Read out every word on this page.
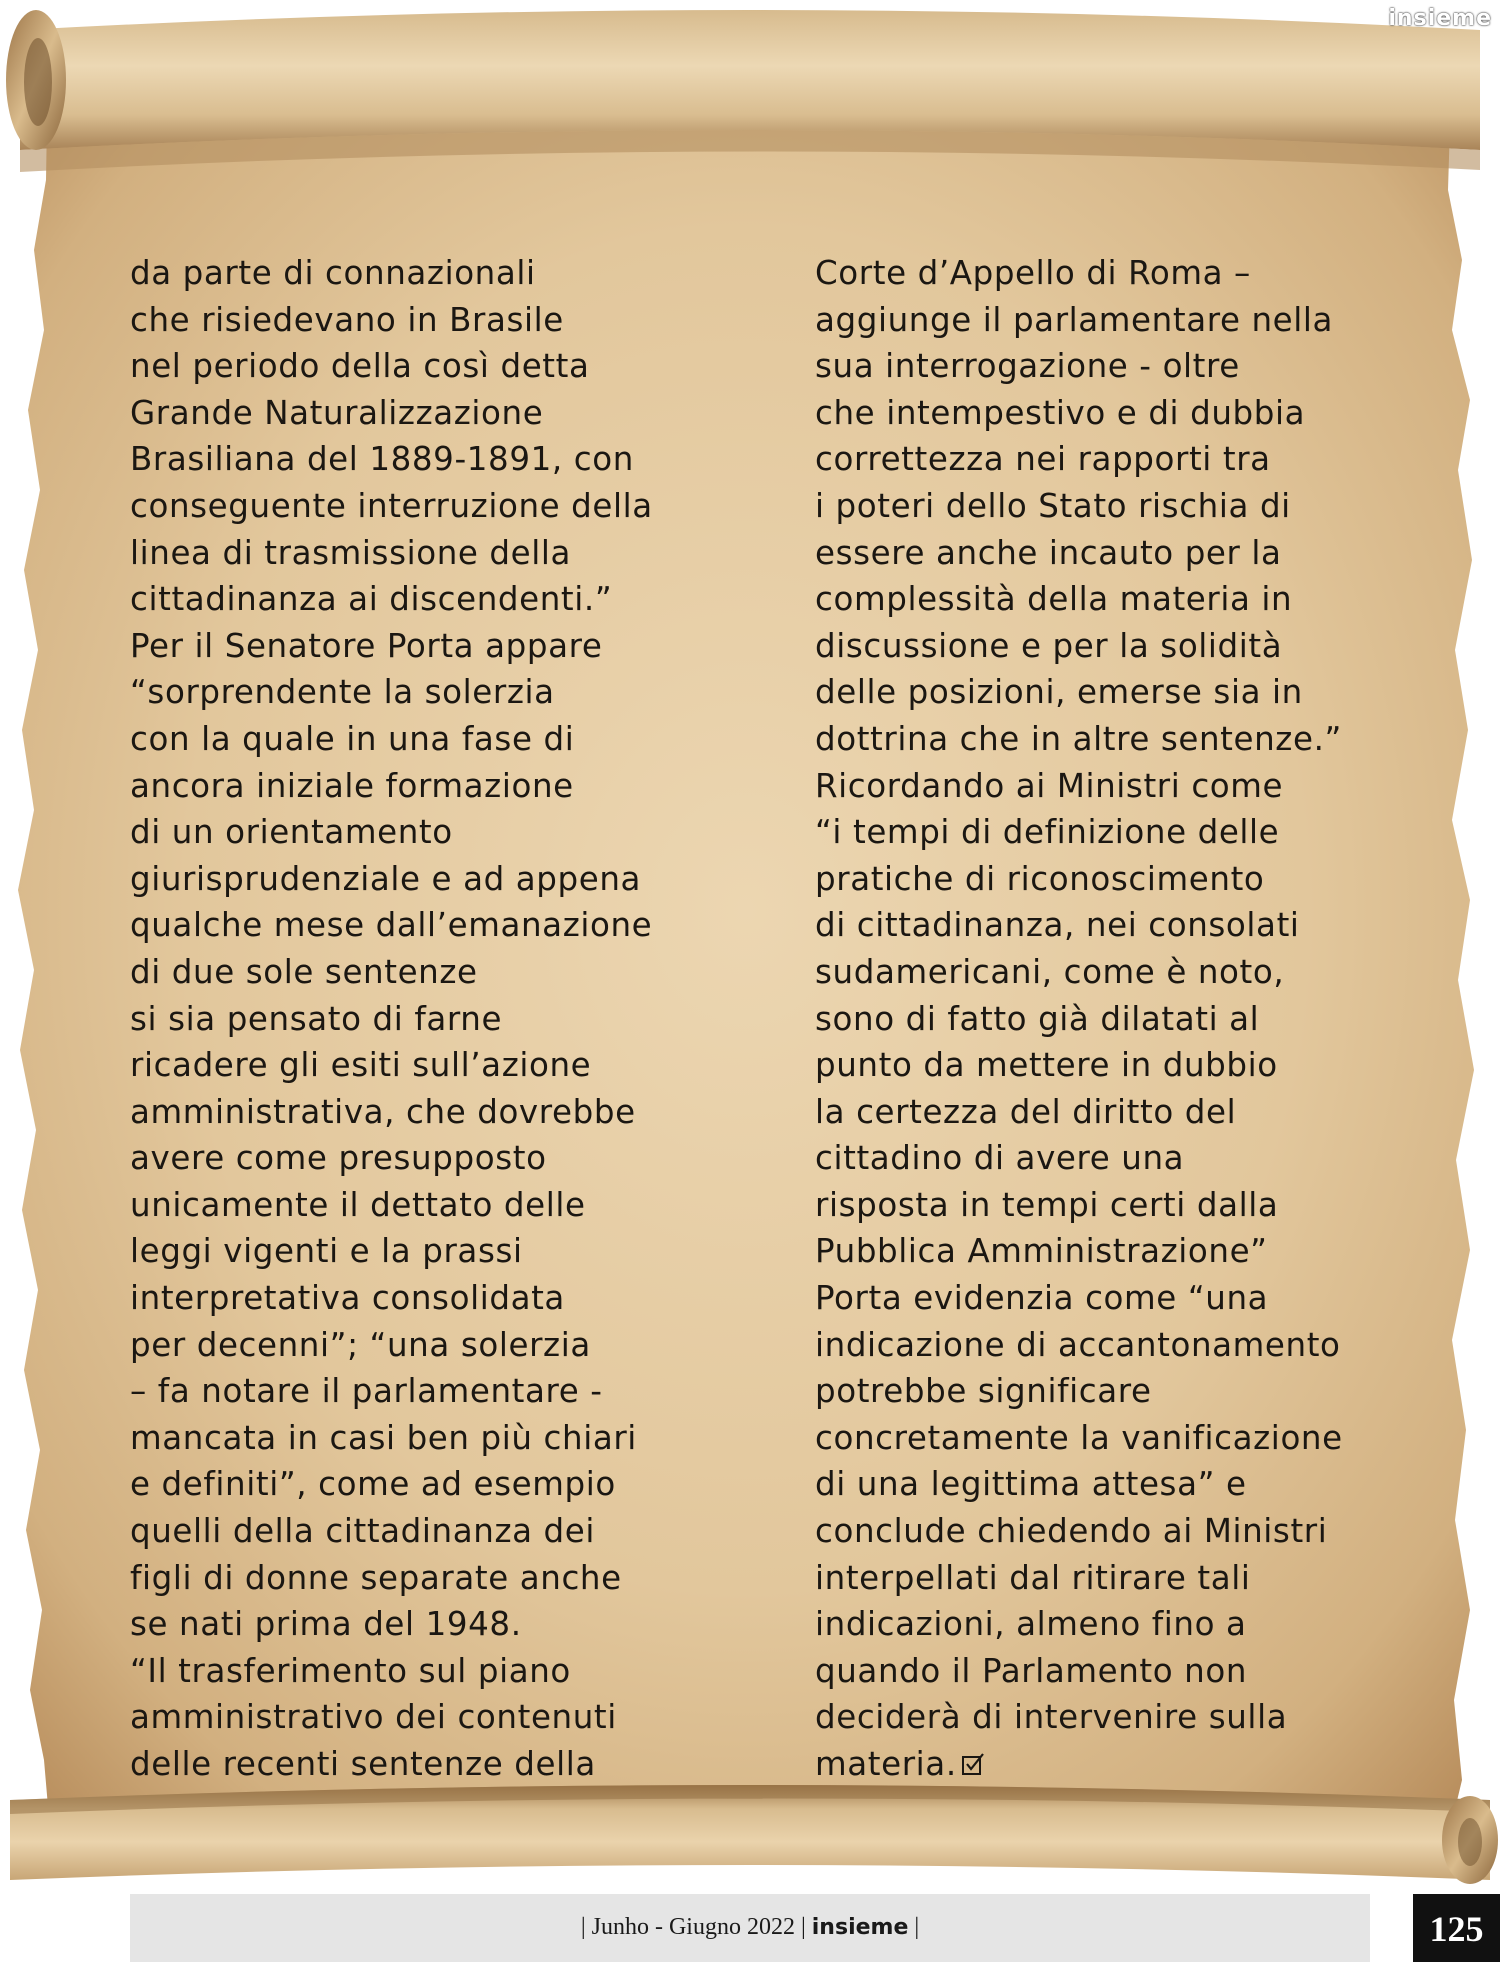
insieme
da parte di connazionali
che risiedevano in Brasile
nel periodo della così detta
Grande Naturalizzazione
Brasiliana del 1889-1891, con
conseguente interruzione della
linea di trasmissione della
cittadinanza ai discendenti.”
Per il Senatore Porta appare
“sorprendente la solerzia
con la quale in una fase di
ancora iniziale formazione
di un orientamento
giurisprudenziale e ad appena
qualche mese dall’emanazione
di due sole sentenze
si sia pensato di farne
ricadere gli esiti sull’azione
amministrativa, che dovrebbe
avere come presupposto
unicamente il dettato delle
leggi vigenti e la prassi
interpretativa consolidata
per decenni”; “una solerzia
– fa notare il parlamentare -
mancata in casi ben più chiari
e definiti”, come ad esempio
quelli della cittadinanza dei
figli di donne separate anche
se nati prima del 1948.
“Il trasferimento sul piano
amministrativo dei contenuti
delle recenti sentenze della
Corte d’Appello di Roma –
aggiunge il parlamentare nella
sua interrogazione - oltre
che intempestivo e di dubbia
correttezza nei rapporti tra
i poteri dello Stato rischia di
essere anche incauto per la
complessità della materia in
discussione e per la solidità
delle posizioni, emerse sia in
dottrina che in altre sentenze.”
Ricordando ai Ministri come
“i tempi di definizione delle
pratiche di riconoscimento
di cittadinanza, nei consolati
sudamericani, come è noto,
sono di fatto già dilatati al
punto da mettere in dubbio
la certezza del diritto del
cittadino di avere una
risposta in tempi certi dalla
Pubblica Amministrazione”
Porta evidenzia come “una
indicazione di accantonamento
potrebbe significare
concretamente la vanificazione
di una legittima attesa” e
conclude chiedendo ai Ministri
interpellati dal ritirare tali
indicazioni, almeno fino a
quando il Parlamento non
deciderà di intervenire sulla
materia.
| Junho - Giugno 2022 | insieme |	125
